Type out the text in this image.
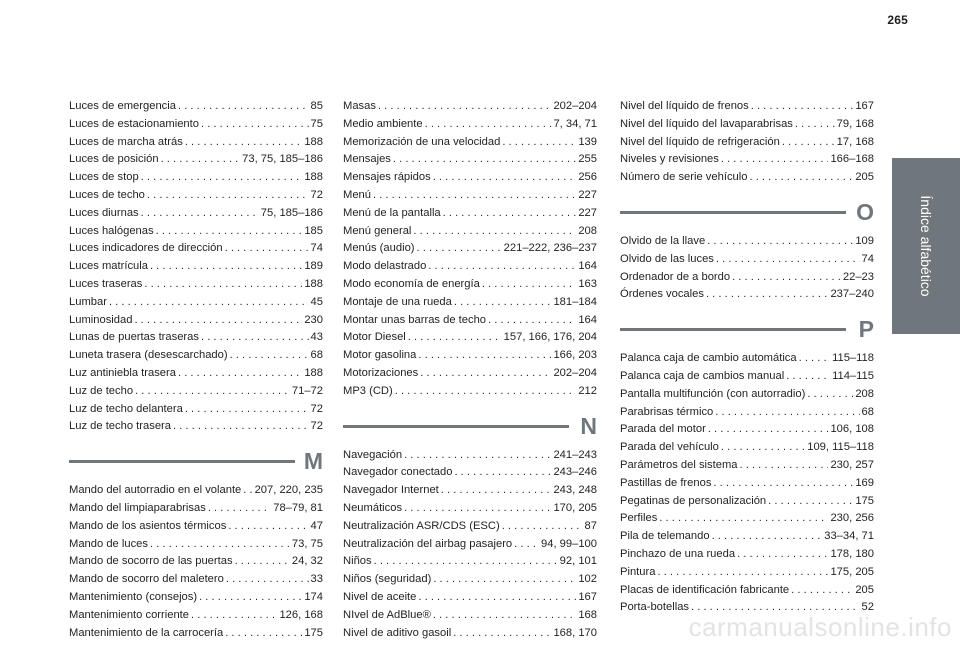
265
Índice alfabético
Luces de emergencia . . .	85
Luces de estacionamiento . . .	75
Luces de marcha atrás . . .	188
Luces de posición . . .	73, 75, 185–186
Luces de stop . . .	188
Luces de techo . . .	72
Luces diurnas . . .	75, 185–186
Luces halógenas . . .	185
Luces indicadores de dirección . . .	74
Luces matrícula . . .	189
Luces traseras . . .	188
Lumbar . . .	45
Luminosidad . . .	230
Lunas de puertas traseras . . .	43
Luneta trasera (desescarchado) . . .	68
Luz antiniebla trasera . . .	188
Luz de techo . . .	71–72
Luz de techo delantera . . .	72
Luz de techo trasera . . .	72
M
Mando del autorradio en el volante . . . 207, 220, 235
Mando del limpiaparabrisas . . .	78–79, 81
Mando de los asientos térmicos . . .	47
Mando de luces . . .	73, 75
Mando de socorro de las puertas . . .	24, 32
Mando de socorro del maletero . . .	33
Mantenimiento (consejos) . . .	174
Mantenimiento corriente . . .	126, 168
Mantenimiento de la carrocería . . .	175
Masas . . .	202–204
Medio ambiente . . .	7, 34, 71
Memorización de una velocidad . . .	139
Mensajes . . .	255
Mensajes rápidos . . .	256
Menú . . .	227
Menú de la pantalla . . .	227
Menú general . . .	208
Menús (audio) . . .	221–222, 236–237
Modo delastrado . . .	164
Modo economía de energía . . .	163
Montaje de una rueda . . .	181–184
Montar unas barras de techo . . .	164
Motor Diesel . . .	157, 166, 176, 204
Motor gasolina . . .	166, 203
Motorizaciones . . .	202–204
MP3 (CD) . . .	212
N
Navegación . . .	241–243
Navegador conectado . . .	243–246
Navegador Internet . . .	243, 248
Neumáticos . . .	170, 205
Neutralización ASR/CDS (ESC) . . .	87
Neutralización del airbag pasajero . . .	94, 99–100
Niños . . .	92, 101
Niños (seguridad) . . .	102
Nivel de aceite . . .	167
NIvel de AdBlue® . . .	168
Nivel de aditivo gasoil . . .	168, 170
Nivel del líquido de frenos . . .	167
Nivel del líquido del lavaparabrisas . . .	79, 168
Nivel del líquido de refrigeración . . .	17, 168
Niveles y revisiones . . .	166–168
Número de serie vehículo . . .	205
O
Olvido de la llave . . .	109
Olvido de las luces . . .	74
Ordenador de a bordo . . .	22–23
Órdenes vocales . . .	237–240
P
Palanca caja de cambio automática . . .	115–118
Palanca caja de cambios manual . . .	114–115
Pantalla multifunción (con autorradio) . . .	208
Parabrisas térmico . . .	68
Parada del motor . . .	106, 108
Parada del vehículo . . .	109, 115–118
Parámetros del sistema . . .	230, 257
Pastillas de frenos . . .	169
Pegatinas de personalización . . .	175
Perfiles . . .	230, 256
Pila de telemando . . .	33–34, 71
Pinchazo de una rueda . . .	178, 180
Pintura . . .	175, 205
Placas de identificación fabricante . . .	205
Porta-botellas . . .	52
carmanualsonline.info
